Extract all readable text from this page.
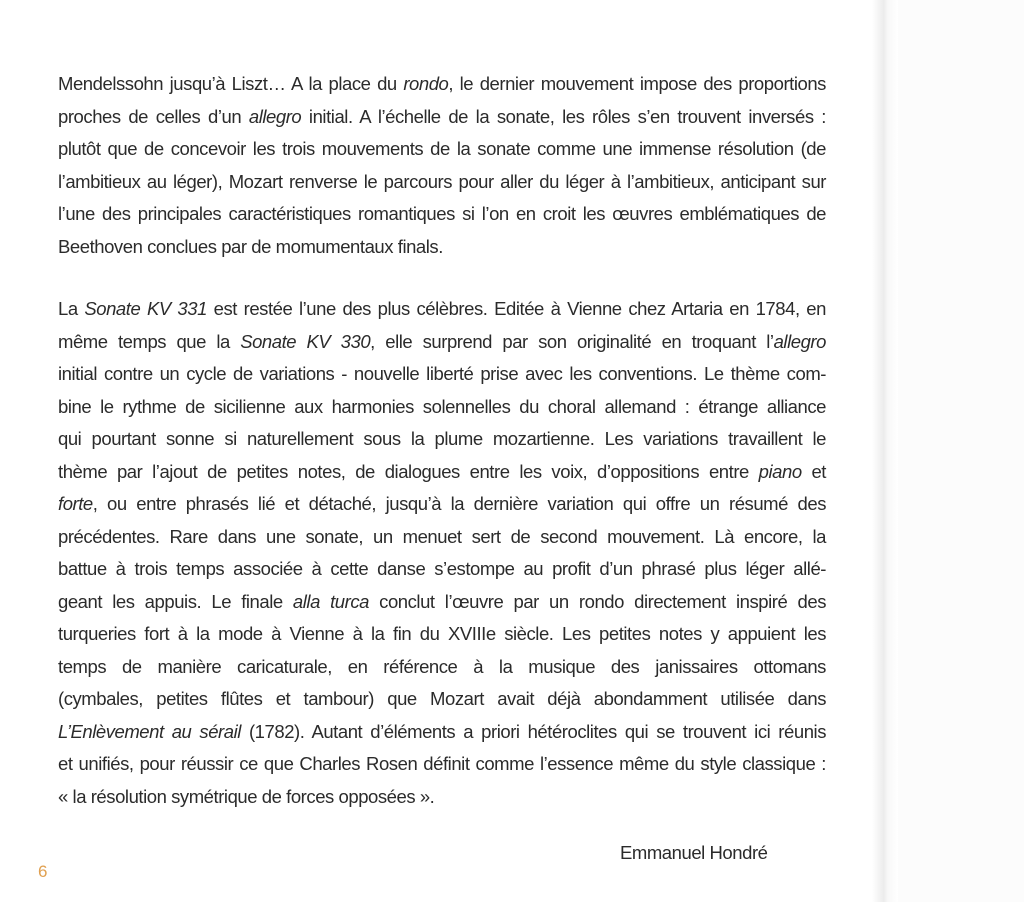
Mendelssohn jusqu’à Liszt… A la place du rondo, le dernier mouvement impose des proportions
proches de celles d’un allegro initial. A l’échelle de la sonate, les rôles s’en trouvent inversés :
plutôt que de concevoir les trois mouvements de la sonate comme une immense résolution (de
l’ambitieux au léger), Mozart renverse le parcours pour aller du léger à l’ambitieux, anticipant sur
l’une des principales caractéristiques romantiques si l’on en croit les œuvres emblématiques de
Beethoven conclues par de momumentaux finals.
La Sonate KV 331 est restée l’une des plus célèbres. Editée à Vienne chez Artaria en 1784, en
même temps que la Sonate KV 330, elle surprend par son originalité en troquant l’allegro
initial contre un cycle de variations - nouvelle liberté prise avec les conventions. Le thème com-
bine le rythme de sicilienne aux harmonies solennelles du choral allemand : étrange alliance
qui pourtant sonne si naturellement sous la plume mozartienne. Les variations travaillent le
thème par l’ajout de petites notes, de dialogues entre les voix, d’oppositions entre piano et
forte, ou entre phrasés lié et détaché, jusqu’à la dernière variation qui offre un résumé des
précédentes. Rare dans une sonate, un menuet sert de second mouvement. Là encore, la
battue à trois temps associée à cette danse s’estompe au profit d’un phrasé plus léger allé-
geant les appuis. Le finale alla turca conclut l’œuvre par un rondo directement inspiré des
turqueries fort à la mode à Vienne à la fin du XVIIIe siècle. Les petites notes y appuient les
temps de manière caricaturale, en référence à la musique des janissaires ottomans
(cymbales, petites flûtes et tambour) que Mozart avait déjà abondamment utilisée dans
L’Enlèvement au sérail (1782). Autant d’éléments a priori hétéroclites qui se trouvent ici réunis
et unifiés, pour réussir ce que Charles Rosen définit comme l’essence même du style classique :
« la résolution symétrique de forces opposées ».
Emmanuel Hondré
6
